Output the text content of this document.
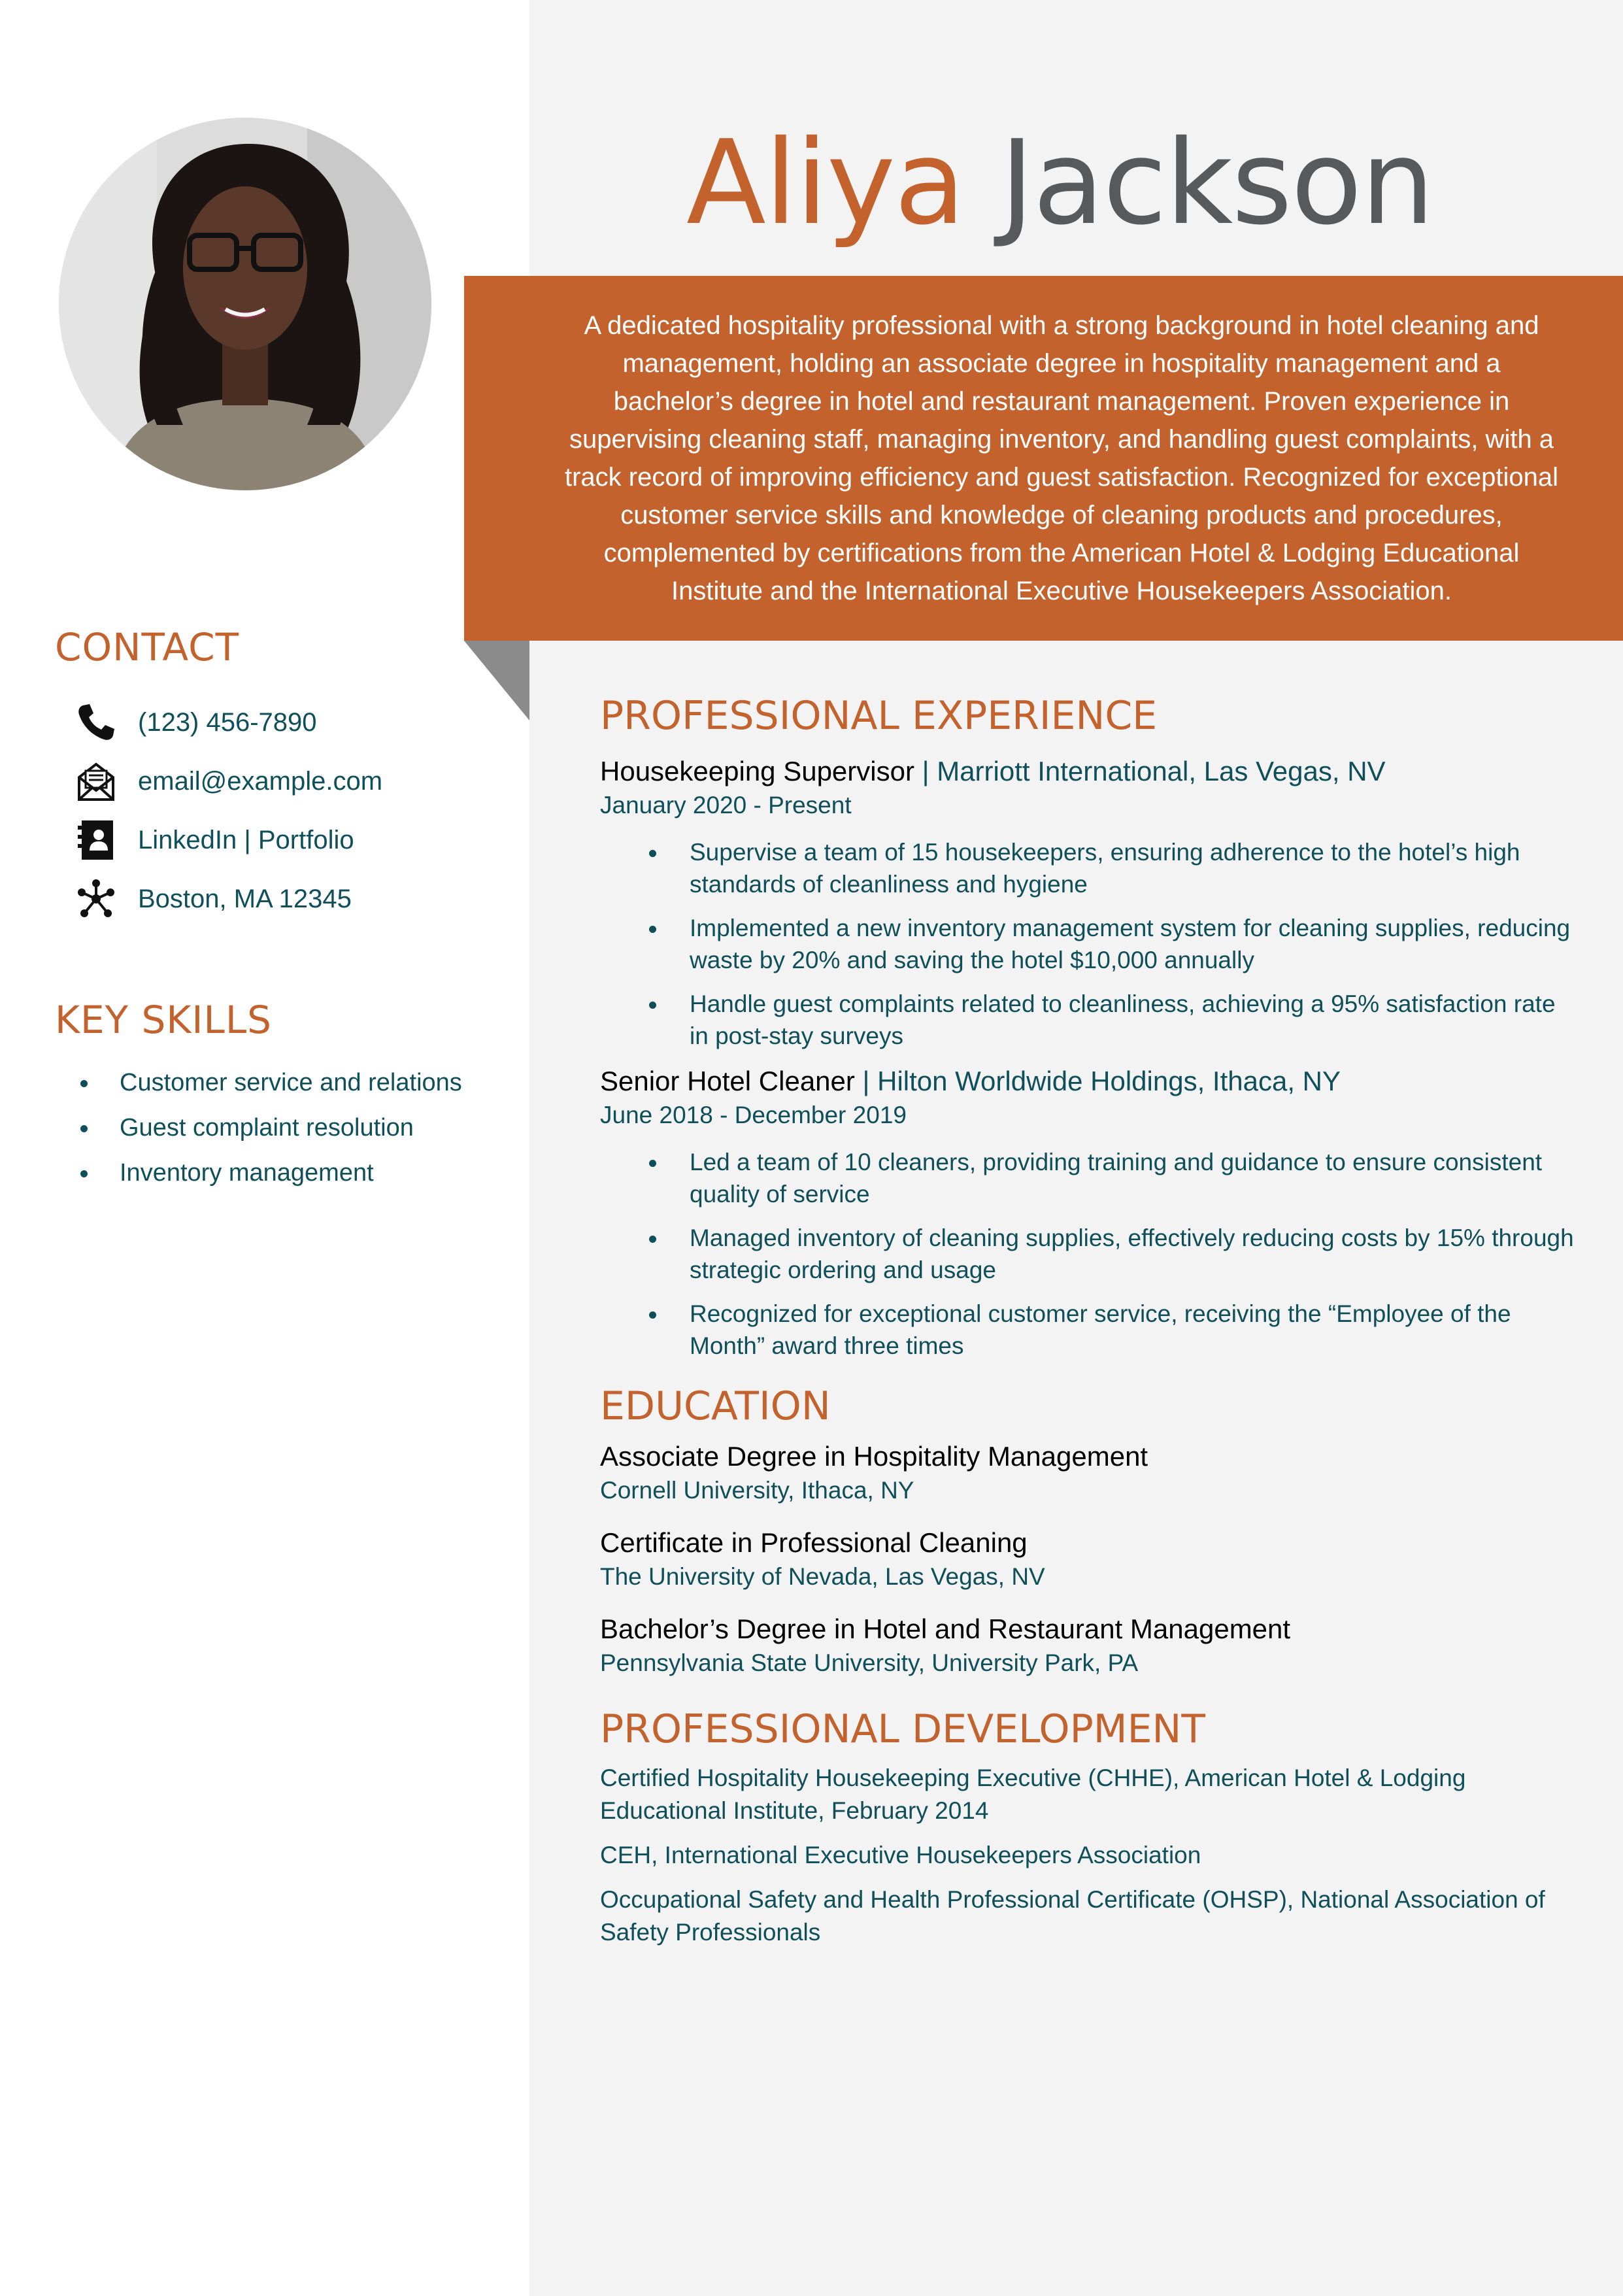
Aliya Jackson

A dedicated hospitality professional with a strong background in hotel cleaning and management, holding an associate degree in hospitality management and a bachelor’s degree in hotel and restaurant management. Proven experience in supervising cleaning staff, managing inventory, and handling guest complaints, with a track record of improving efficiency and guest satisfaction. Recognized for exceptional customer service skills and knowledge of cleaning products and procedures, complemented by certifications from the American Hotel & Lodging Educational Institute and the International Executive Housekeepers Association.

CONTACT
(123) 456-7890
email@example.com
LinkedIn | Portfolio
Boston, MA 12345
KEY SKILLS
Customer service and relations
Guest complaint resolution
Inventory management
PROFESSIONAL EXPERIENCE
Housekeeping Supervisor | Marriott International, Las Vegas, NV
January 2020 - Present
Supervise a team of 15 housekeepers, ensuring adherence to the hotel’s high standards of cleanliness and hygiene
Implemented a new inventory management system for cleaning supplies, reducing waste by 20% and saving the hotel $10,000 annually
Handle guest complaints related to cleanliness, achieving a 95% satisfaction rate in post-stay surveys
Senior Hotel Cleaner | Hilton Worldwide Holdings, Ithaca, NY
June 2018 - December 2019
Led a team of 10 cleaners, providing training and guidance to ensure consistent quality of service
Managed inventory of cleaning supplies, effectively reducing costs by 15% through strategic ordering and usage
Recognized for exceptional customer service, receiving the “Employee of the Month” award three times
EDUCATION
Associate Degree in Hospitality Management
Cornell University, Ithaca, NY
Certificate in Professional Cleaning
The University of Nevada, Las Vegas, NV
Bachelor’s Degree in Hotel and Restaurant Management
Pennsylvania State University, University Park, PA
PROFESSIONAL DEVELOPMENT
Certified Hospitality Housekeeping Executive (CHHE), American Hotel & Lodging Educational Institute, February 2014
CEH, International Executive Housekeepers Association
Occupational Safety and Health Professional Certificate (OHSP), National Association of Safety Professionals
